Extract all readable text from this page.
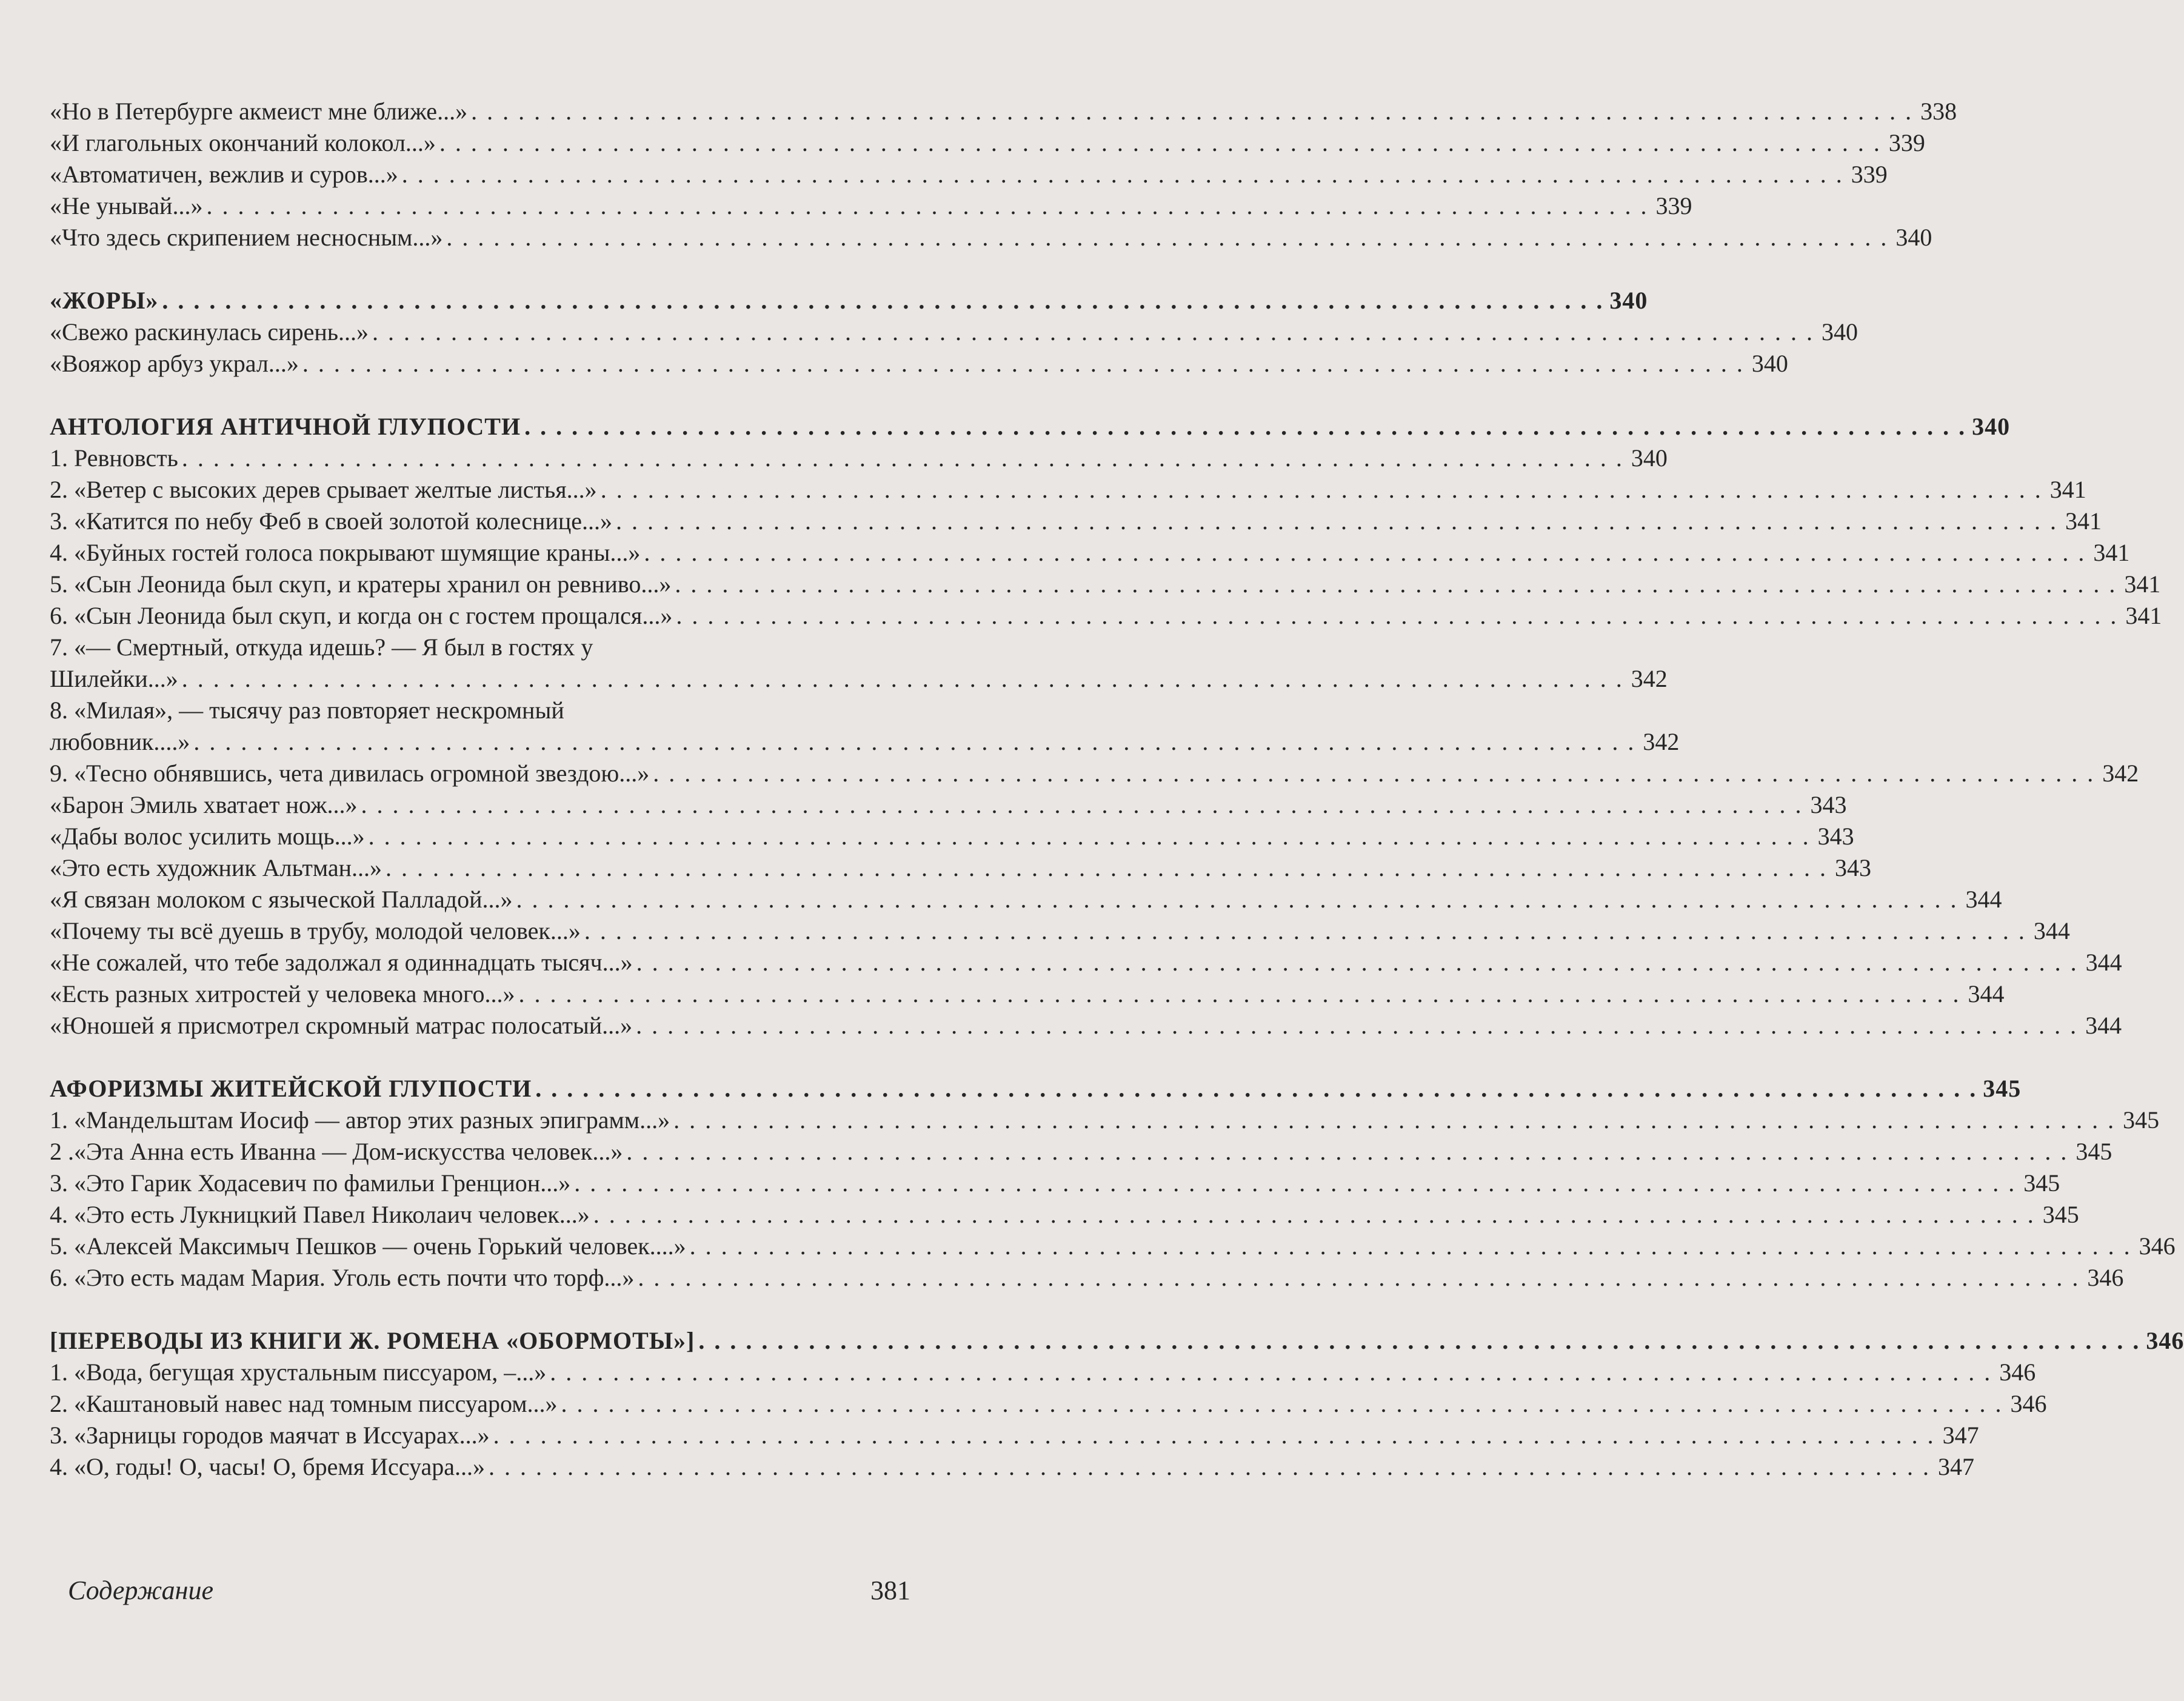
«Но в Петербурге акмеист мне ближе...» . . . . . . . . . . . . . . . . . . . . . . . . . . . . . . . . . . . . . . . . . . . . . . . . . . . . . . . . . . . . . . . . . . . . . . . . . . . . . . . . . . . . . . . . . . . . 338
«И глагольных окончаний колокол...» . . . . . . . . . . . . . . . . . . . . . . . . . . . . . . . . . . . . . . . . . . . . . . . . . . . . . . . . . . . . . . . . . . . . . . . . . . . . . . . . . . . . . . . . . . . . 339
«Автоматичен, вежлив и суров...» . . . . . . . . . . . . . . . . . . . . . . . . . . . . . . . . . . . . . . . . . . . . . . . . . . . . . . . . . . . . . . . . . . . . . . . . . . . . . . . . . . . . . . . . . . . . 339
«Не унывай...» . . . . . . . . . . . . . . . . . . . . . . . . . . . . . . . . . . . . . . . . . . . . . . . . . . . . . . . . . . . . . . . . . . . . . . . . . . . . . . . . . . . . . . . . . . . . 339
«Что здесь скрипением несносным...» . . . . . . . . . . . . . . . . . . . . . . . . . . . . . . . . . . . . . . . . . . . . . . . . . . . . . . . . . . . . . . . . . . . . . . . . . . . . . . . . . . . . . . . . . . . . 340
«ЖОРЫ» . . . . . . . . . . . . . . . . . . . . . . . . . . . . . . . . . . . . . . . . . . . . . . . . . . . . . . . . . . . . . . . . . . . . . . . . . . . . . . . . . . . . . . . . . . . . 340
«Свежо раскинулась сирень...» . . . . . . . . . . . . . . . . . . . . . . . . . . . . . . . . . . . . . . . . . . . . . . . . . . . . . . . . . . . . . . . . . . . . . . . . . . . . . . . . . . . . . . . . . . . . 340
«Вояжор арбуз украл...» . . . . . . . . . . . . . . . . . . . . . . . . . . . . . . . . . . . . . . . . . . . . . . . . . . . . . . . . . . . . . . . . . . . . . . . . . . . . . . . . . . . . . . . . . . . . 340
АНТОЛОГИЯ АНТИЧНОЙ ГЛУПОСТИ . . . . . . . . . . . . . . . . . . . . . . . . . . . . . . . . . . . . . . . . . . . . . . . . . . . . . . . . . . . . . . . . . . . . . . . . . . . . . . . . . . . . . . . . . . . . 340
1. Ревновсть . . . . . . . . . . . . . . . . . . . . . . . . . . . . . . . . . . . . . . . . . . . . . . . . . . . . . . . . . . . . . . . . . . . . . . . . . . . . . . . . . . . . . . . . . . . . 340
2. «Ветер с высоких дерев срывает желтые листья...» . . . . . . . . . . . . . . . . . . . . . . . . . . . . . . . . . . . . . . . . . . . . . . . . . . . . . . . . . . . . . . . . . . . . . . . . . . . . . . . . . . . . . . . . . . . . 341
3. «Катится по небу Феб в своей золотой колеснице...» . . . . . . . . . . . . . . . . . . . . . . . . . . . . . . . . . . . . . . . . . . . . . . . . . . . . . . . . . . . . . . . . . . . . . . . . . . . . . . . . . . . . . . . . . . . . 341
4. «Буйных гостей голоса покрывают шумящие краны...» . . . . . . . . . . . . . . . . . . . . . . . . . . . . . . . . . . . . . . . . . . . . . . . . . . . . . . . . . . . . . . . . . . . . . . . . . . . . . . . . . . . . . . . . . . . . 341
5. «Сын Леонида был скуп, и кратеры хранил он ревниво...» . . . . . . . . . . . . . . . . . . . . . . . . . . . . . . . . . . . . . . . . . . . . . . . . . . . . . . . . . . . . . . . . . . . . . . . . . . . . . . . . . . . . . . . . . . . . 341
6. «Сын Леонида был скуп, и когда он с гостем прощался...» . . . . . . . . . . . . . . . . . . . . . . . . . . . . . . . . . . . . . . . . . . . . . . . . . . . . . . . . . . . . . . . . . . . . . . . . . . . . . . . . . . . . . . . . . . . . 341
7. «— Смертный, откуда идешь? — Я был в гостях у
Шилейки...» . . . . . . . . . . . . . . . . . . . . . . . . . . . . . . . . . . . . . . . . . . . . . . . . . . . . . . . . . . . . . . . . . . . . . . . . . . . . . . . . . . . . . . . . . . . . 342
8. «Милая», — тысячу раз повторяет нескромный
любовник....» . . . . . . . . . . . . . . . . . . . . . . . . . . . . . . . . . . . . . . . . . . . . . . . . . . . . . . . . . . . . . . . . . . . . . . . . . . . . . . . . . . . . . . . . . . . . 342
9. «Тесно обнявшись, чета дивилась огромной звездою...» . . . . . . . . . . . . . . . . . . . . . . . . . . . . . . . . . . . . . . . . . . . . . . . . . . . . . . . . . . . . . . . . . . . . . . . . . . . . . . . . . . . . . . . . . . . . 342
«Барон Эмиль хватает нож...» . . . . . . . . . . . . . . . . . . . . . . . . . . . . . . . . . . . . . . . . . . . . . . . . . . . . . . . . . . . . . . . . . . . . . . . . . . . . . . . . . . . . . . . . . . . . 343
«Дабы волос усилить мощь...» . . . . . . . . . . . . . . . . . . . . . . . . . . . . . . . . . . . . . . . . . . . . . . . . . . . . . . . . . . . . . . . . . . . . . . . . . . . . . . . . . . . . . . . . . . . . 343
«Это есть художник Альтман...» . . . . . . . . . . . . . . . . . . . . . . . . . . . . . . . . . . . . . . . . . . . . . . . . . . . . . . . . . . . . . . . . . . . . . . . . . . . . . . . . . . . . . . . . . . . . 343
«Я связан молоком с языческой Палладой...» . . . . . . . . . . . . . . . . . . . . . . . . . . . . . . . . . . . . . . . . . . . . . . . . . . . . . . . . . . . . . . . . . . . . . . . . . . . . . . . . . . . . . . . . . . . . 344
«Почему ты всё дуешь в трубу, молодой человек...» . . . . . . . . . . . . . . . . . . . . . . . . . . . . . . . . . . . . . . . . . . . . . . . . . . . . . . . . . . . . . . . . . . . . . . . . . . . . . . . . . . . . . . . . . . . . 344
«Не сожалей, что тебе задолжал я одиннадцать тысяч...» . . . . . . . . . . . . . . . . . . . . . . . . . . . . . . . . . . . . . . . . . . . . . . . . . . . . . . . . . . . . . . . . . . . . . . . . . . . . . . . . . . . . . . . . . . . . 344
«Есть разных хитростей у человека много...» . . . . . . . . . . . . . . . . . . . . . . . . . . . . . . . . . . . . . . . . . . . . . . . . . . . . . . . . . . . . . . . . . . . . . . . . . . . . . . . . . . . . . . . . . . . . 344
«Юношей я присмотрел скромный матрас полосатый...» . . . . . . . . . . . . . . . . . . . . . . . . . . . . . . . . . . . . . . . . . . . . . . . . . . . . . . . . . . . . . . . . . . . . . . . . . . . . . . . . . . . . . . . . . . . . 344
АФОРИЗМЫ ЖИТЕЙСКОЙ ГЛУПОСТИ . . . . . . . . . . . . . . . . . . . . . . . . . . . . . . . . . . . . . . . . . . . . . . . . . . . . . . . . . . . . . . . . . . . . . . . . . . . . . . . . . . . . . . . . . . . . 345
1. «Мандельштам Иосиф — автор этих разных эпиграмм...» . . . . . . . . . . . . . . . . . . . . . . . . . . . . . . . . . . . . . . . . . . . . . . . . . . . . . . . . . . . . . . . . . . . . . . . . . . . . . . . . . . . . . . . . . . . . 345
2 .«Эта Анна есть Иванна — Дом-искусства человек...» . . . . . . . . . . . . . . . . . . . . . . . . . . . . . . . . . . . . . . . . . . . . . . . . . . . . . . . . . . . . . . . . . . . . . . . . . . . . . . . . . . . . . . . . . . . . 345
3. «Это Гарик Ходасевич по фамильи Гренцион...» . . . . . . . . . . . . . . . . . . . . . . . . . . . . . . . . . . . . . . . . . . . . . . . . . . . . . . . . . . . . . . . . . . . . . . . . . . . . . . . . . . . . . . . . . . . . 345
4. «Это есть Лукницкий Павел Николаич человек...» . . . . . . . . . . . . . . . . . . . . . . . . . . . . . . . . . . . . . . . . . . . . . . . . . . . . . . . . . . . . . . . . . . . . . . . . . . . . . . . . . . . . . . . . . . . . 345
5. «Алексей Максимыч Пешков — очень Горький человек....» . . . . . . . . . . . . . . . . . . . . . . . . . . . . . . . . . . . . . . . . . . . . . . . . . . . . . . . . . . . . . . . . . . . . . . . . . . . . . . . . . . . . . . . . . . . . 346
6. «Это есть мадам Мария. Уголь есть почти что торф...» . . . . . . . . . . . . . . . . . . . . . . . . . . . . . . . . . . . . . . . . . . . . . . . . . . . . . . . . . . . . . . . . . . . . . . . . . . . . . . . . . . . . . . . . . . . . 346
[ПЕРЕВОДЫ ИЗ КНИГИ Ж. РОМЕНА «ОБОРМОТЫ»] . . . . . . . . . . . . . . . . . . . . . . . . . . . . . . . . . . . . . . . . . . . . . . . . . . . . . . . . . . . . . . . . . . . . . . . . . . . . . . . . . . . . . . . . . . . . 346
1. «Вода, бегущая хрустальным писсуаром, –...» . . . . . . . . . . . . . . . . . . . . . . . . . . . . . . . . . . . . . . . . . . . . . . . . . . . . . . . . . . . . . . . . . . . . . . . . . . . . . . . . . . . . . . . . . . . . 346
2. «Каштановый навес над томным писсуаром...» . . . . . . . . . . . . . . . . . . . . . . . . . . . . . . . . . . . . . . . . . . . . . . . . . . . . . . . . . . . . . . . . . . . . . . . . . . . . . . . . . . . . . . . . . . . . 346
3. «Зарницы городов маячат в Иссуарах...» . . . . . . . . . . . . . . . . . . . . . . . . . . . . . . . . . . . . . . . . . . . . . . . . . . . . . . . . . . . . . . . . . . . . . . . . . . . . . . . . . . . . . . . . . . . . 347
4. «О, годы! О, часы! О, бремя Иссуара...» . . . . . . . . . . . . . . . . . . . . . . . . . . . . . . . . . . . . . . . . . . . . . . . . . . . . . . . . . . . . . . . . . . . . . . . . . . . . . . . . . . . . . . . . . . . . 347
Содержание	381
